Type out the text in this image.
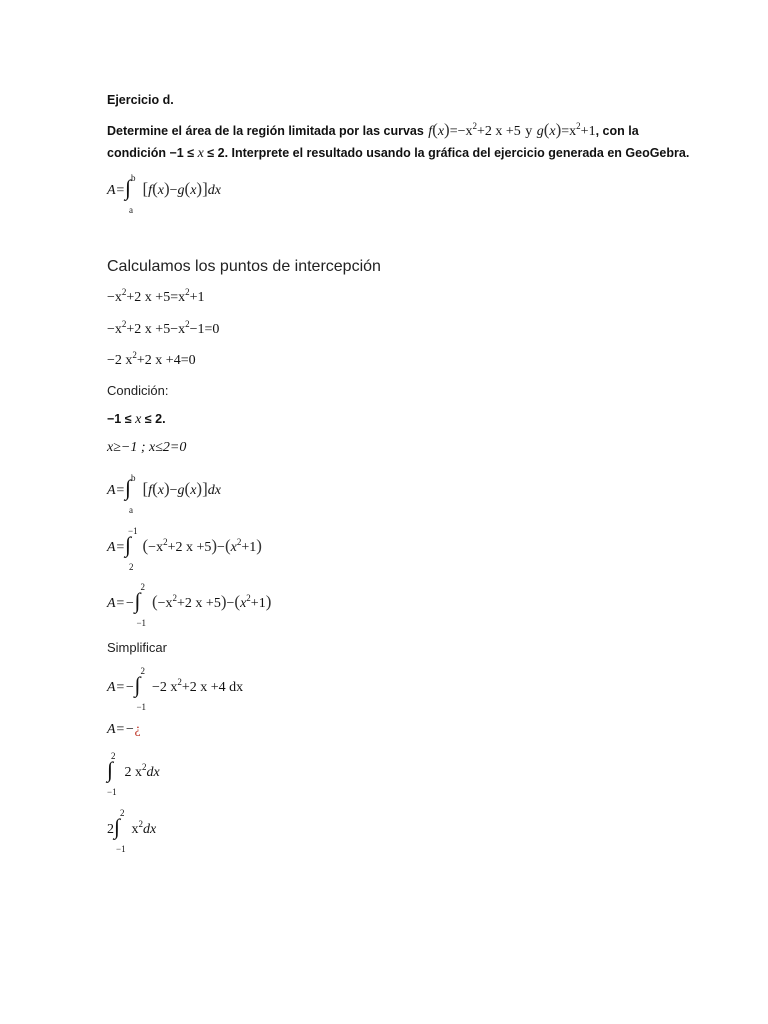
Ejercicio d.
Determine el área de la región limitada por las curvas $f(x)=-x^2+2$ x +5 y $g(x)=x^2+1$, con la
condición −1 ≤ x ≤ 2. Interprete el resultado usando la gráfica del ejercicio generada en GeoGebra.
A=
b
∫
a
[f(x)−g(x)]dx
Calculamos los puntos de intercepción
$-x^2+2$ $x +5=x^2+1$
$-x^2+2$ $x +5-x^2-1=0$
−2 $x^2+2$ x +4=0
Condición:
−1 ≤ x ≤ 2.
x≥−1 ; x≤2=0
A=
b
∫
a
[f(x)−g(x)]dx
A=
−1
∫
2
($-x^2+2$ $x +5)-(x^2+1)$
A=−
2
∫
−1
($-x^2+2$ $x +5)-(x^2+1)$
Simplificar
A=−
2
∫
−1
−2 $x^2+2$ x +4 dx
A=−¿
2
∫
−1
2 $x^2dx$
2
2
∫
−1
$x^2dx$
